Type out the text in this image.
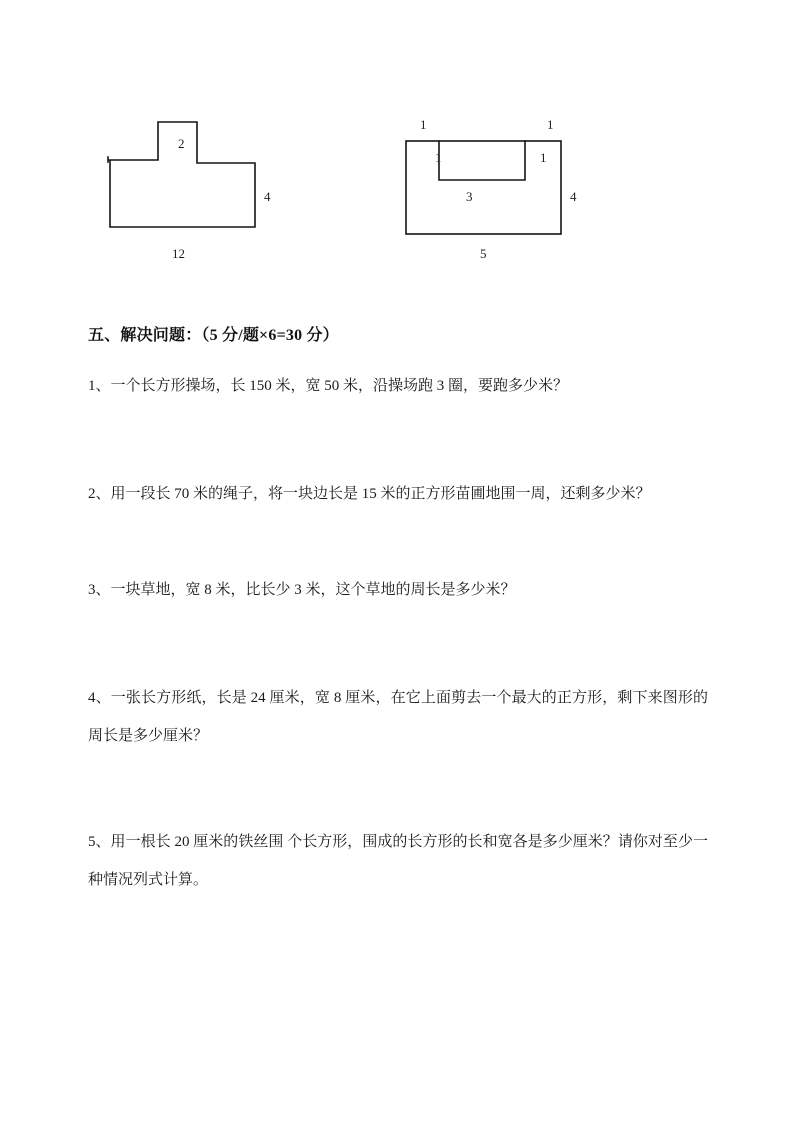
2
4
12
1	1
1	1
3	4
5

五、解决问题：（5 分/题×6=30 分）

1、一个长方形操场，长 150 米，宽 50 米，沿操场跑 3 圈，要跑多少米？

2、用一段长 70 米的绳子，将一块边长是 15 米的正方形苗圃地围一周，还剩多少米？

3、一块草地，宽 8 米，比长少 3 米，这个草地的周长是多少米？

4、一张长方形纸，长是 24 厘米，宽 8 厘米，在它上面剪去一个最大的正方形，剩下来图形的周长是多少厘米？

5、用一根长 20 厘米的铁丝围 个长方形，围成的长方形的长和宽各是多少厘米？请你对至少一种情况列式计算。
